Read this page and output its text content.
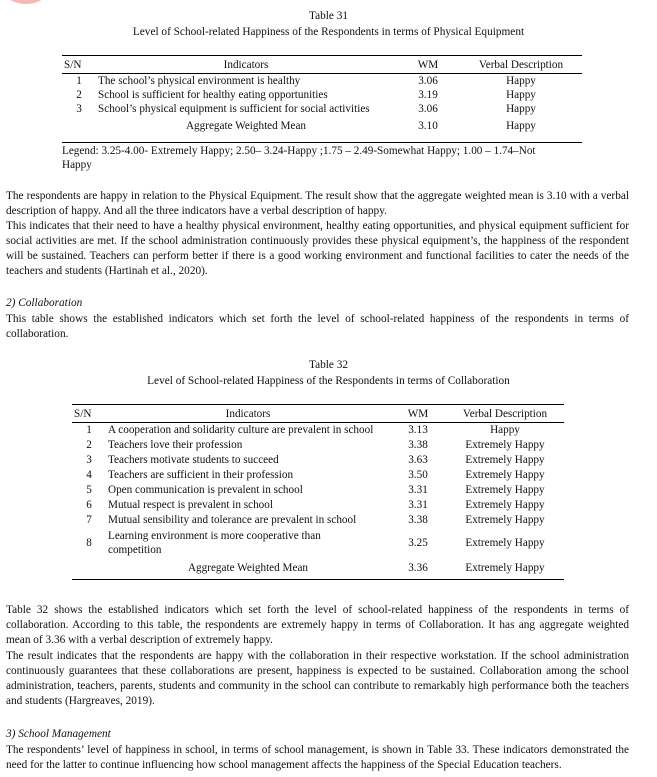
Table 31
Level of School-related Happiness of the Respondents in terms of Physical Equipment
S/N	Indicators	WM	Verbal Description
1	The school’s physical environment is healthy	3.06	Happy
2	School is sufficient for healthy eating opportunities	3.19	Happy
3	School’s physical equipment is sufficient for social activities	3.06	Happy
	Aggregate Weighted Mean	3.10	Happy
Legend: 3.25-4.00- Extremely Happy; 2.50– 3.24-Happy ;1.75 – 2.49-Somewhat Happy; 1.00 – 1.74–Not
Happy
The respondents are happy in relation to the Physical Equipment. The result show that the aggregate weighted mean is 3.10 with a verbal description of happy. And all the three indicators have a verbal description of happy.
This indicates that their need to have a healthy physical environment, healthy eating opportunities, and physical equipment sufficient for social activities are met. If the school administration continuously provides these physical equipment’s, the happiness of the respondent will be sustained. Teachers can perform better if there is a good working environment and functional facilities to cater the needs of the teachers and students (Hartinah et al., 2020).
2) Collaboration
This table shows the established indicators which set forth the level of school-related happiness of the respondents in terms of collaboration.
Table 32
Level of School-related Happiness of the Respondents in terms of Collaboration
S/N	Indicators	WM	Verbal Description
1	A cooperation and solidarity culture are prevalent in school	3.13	Happy
2	Teachers love their profession	3.38	Extremely Happy
3	Teachers motivate students to succeed	3.63	Extremely Happy
4	Teachers are sufficient in their profession	3.50	Extremely Happy
5	Open communication is prevalent in school	3.31	Extremely Happy
6	Mutual respect is prevalent in school	3.31	Extremely Happy
7	Mutual sensibility and tolerance are prevalent in school	3.38	Extremely Happy
8	Learning environment is more cooperative than competition	3.25	Extremely Happy
	Aggregate Weighted Mean	3.36	Extremely Happy
Table 32 shows the established indicators which set forth the level of school-related happiness of the respondents in terms of collaboration. According to this table, the respondents are extremely happy in terms of Collaboration. It has ang aggregate weighted mean of 3.36 with a verbal description of extremely happy.
The result indicates that the respondents are happy with the collaboration in their respective workstation. If the school administration continuously guarantees that these collaborations are present, happiness is expected to be sustained. Collaboration among the school administration, teachers, parents, students and community in the school can contribute to remarkably high performance both the teachers and students (Hargreaves, 2019).
3) School Management
The respondents’ level of happiness in school, in terms of school management, is shown in Table 33. These indicators demonstrated the need for the latter to continue influencing how school management affects the happiness of the Special Education teachers.
